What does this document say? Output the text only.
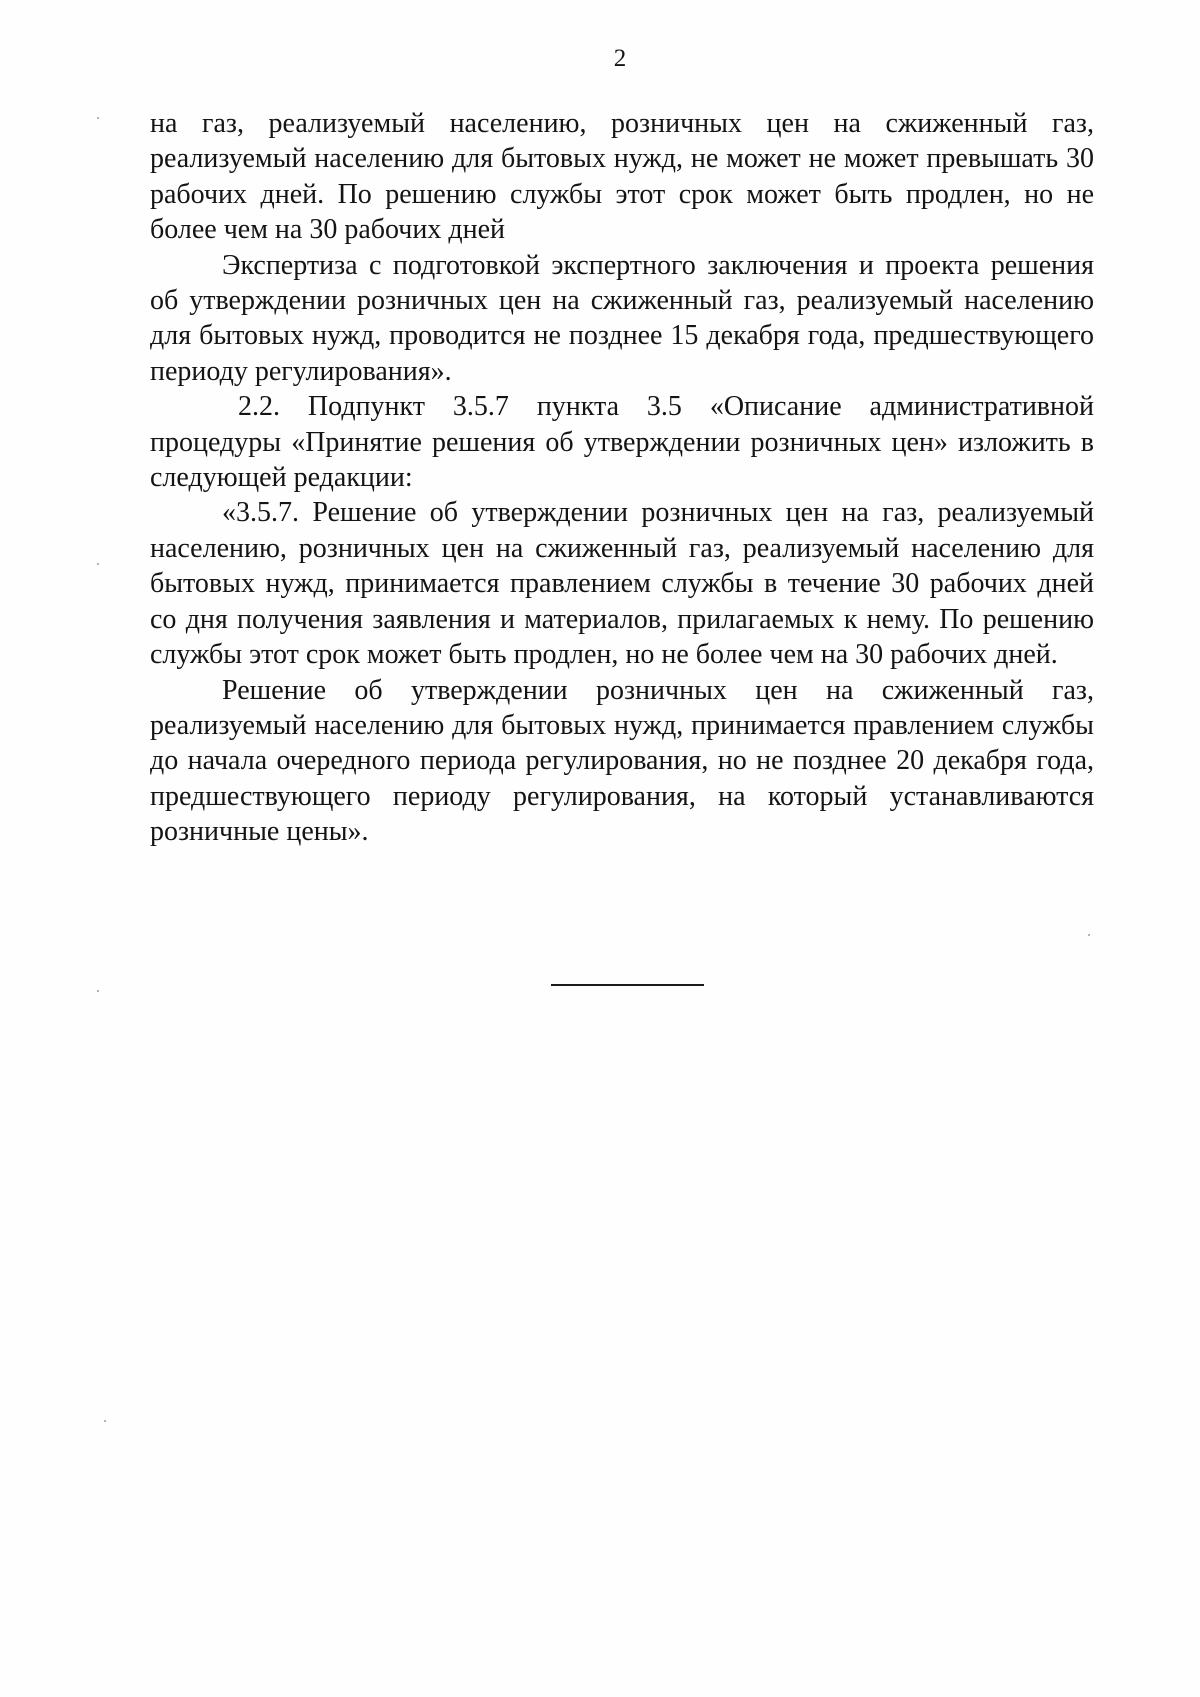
2

на газ, реализуемый населению, розничных цен на сжиженный газ, реализуемый населению для бытовых нужд, не может не может превышать 30 рабочих дней. По решению службы этот срок может быть продлен, но не более чем на 30 рабочих дней

Экспертиза с подготовкой экспертного заключения и проекта решения об утверждении розничных цен на сжиженный газ, реализуемый населению для бытовых нужд, проводится не позднее 15 декабря года, предшествующего периоду регулирования».

2.2. Подпункт 3.5.7 пункта 3.5 «Описание административной процедуры «Принятие решения об утверждении розничных цен» изложить в следующей редакции:

«3.5.7. Решение об утверждении розничных цен на газ, реализуемый населению, розничных цен на сжиженный газ, реализуемый населению для бытовых нужд, принимается правлением службы в течение 30 рабочих дней со дня получения заявления и материалов, прилагаемых к нему. По решению службы этот срок может быть продлен, но не более чем на 30 рабочих дней.

Решение об утверждении розничных цен на сжиженный газ, реализуемый населению для бытовых нужд, принимается правлением службы до начала очередного периода регулирования, но не позднее 20 декабря года, предшествующего периоду регулирования, на который устанавливаются розничные цены».
